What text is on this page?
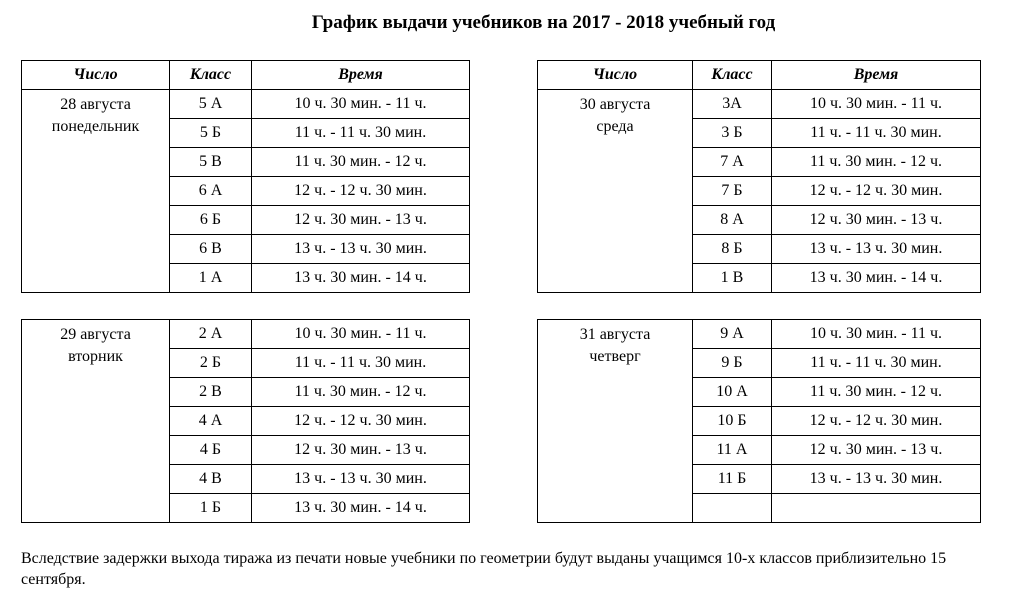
График выдачи учебников на 2017 - 2018 учебный год
Число	Класс	Время

28 августа
понедельник	5 А	10 ч. 30 мин. - 11 ч.
	5 Б	11 ч. - 11 ч. 30 мин.
	5 В	11 ч. 30 мин. - 12 ч.
	6 А	12 ч. - 12 ч. 30 мин.
	6 Б	12 ч. 30 мин. - 13 ч.
	6 В	13 ч. - 13 ч. 30 мин.
	1 А	13 ч. 30 мин. - 14 ч.
Число	Класс	Время

30 августа
среда	3А	10 ч. 30 мин. - 11 ч.
	3 Б	11 ч. - 11 ч. 30 мин.
	7 А	11 ч. 30 мин. - 12 ч.
	7 Б	12 ч. - 12 ч. 30 мин.
	8 А	12 ч. 30 мин. - 13 ч.
	8 Б	13 ч. - 13 ч. 30 мин.
	1 В	13 ч. 30 мин. - 14 ч.
29 августа
вторник	2 А	10 ч. 30 мин. - 11 ч.
	2 Б	11 ч. - 11 ч. 30 мин.
	2 В	11 ч. 30 мин. - 12 ч.
	4 А	12 ч. - 12 ч. 30 мин.
	4 Б	12 ч. 30 мин. - 13 ч.
	4 В	13 ч. - 13 ч. 30 мин.
	1 Б	13 ч. 30 мин. - 14 ч.
31 августа
четверг	9 А	10 ч. 30 мин. - 11 ч.
	9 Б	11 ч. - 11 ч. 30 мин.
	10 А	11 ч. 30 мин. - 12 ч.
	10 Б	12 ч. - 12 ч. 30 мин.
	11 А	12 ч. 30 мин. - 13 ч.
	11 Б	13 ч. - 13 ч. 30 мин.

Вследствие задержки выхода тиража из печати новые учебники по геометрии будут выданы учащимся 10-х классов приблизительно 15 сентября.
